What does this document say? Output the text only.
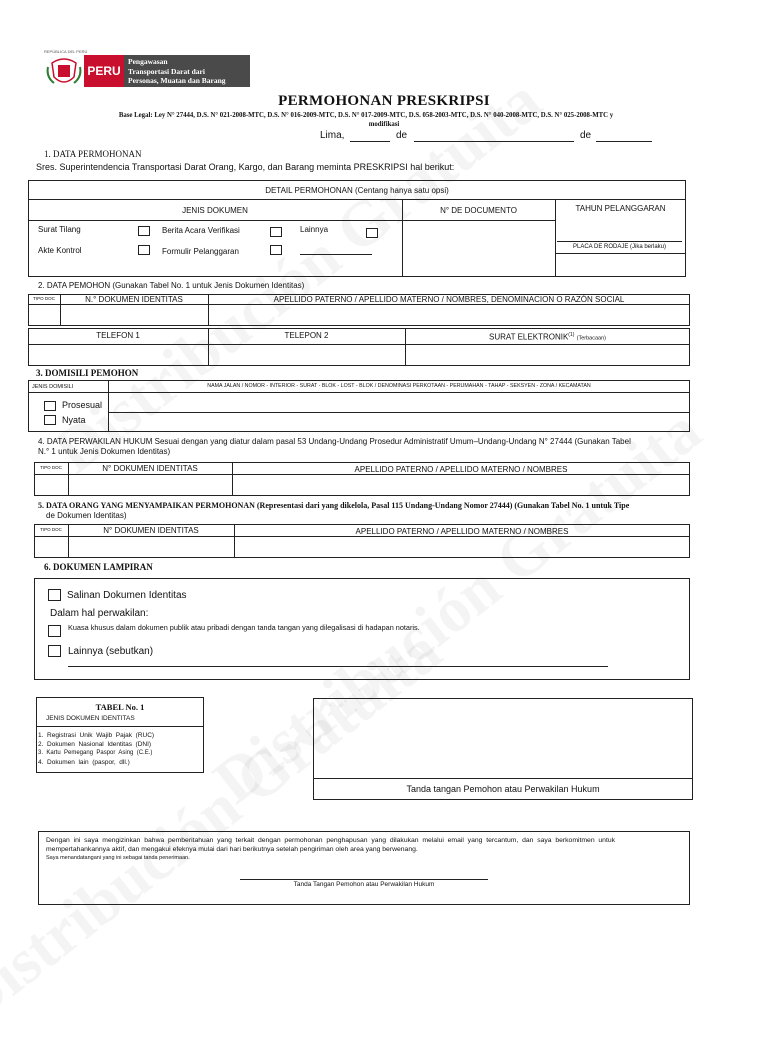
REPÚBLICA DEL PERÚ
PERU
Pengawasan
Transportasi Darat dari
Personas, Muatan dan Barang
PERMOHONAN PRESKRIPSI
Base Legal: Ley N° 27444, D.S. N° 021-2008-MTC, D.S. N° 016-2009-MTC, D.S. N° 017-2009-MTC, D.S. 058-2003-MTC, D.S. N° 040-2008-MTC, D.S. N° 025-2008-MTC y
modifikasi
Lima,	de	de
1. DATA PERMOHONAN
Sres. Superintendencia Transportasi Darat Orang, Kargo, dan Barang meminta PRESKRIPSI hal berikut:
DETAIL PERMOHONAN (Centang hanya satu opsi)
JENIS DOKUMEN	N° DE DOCUMENTO	TAHUN PELANGGARAN
PLACA DE RODAJE (Jika berlaku)
Surat Tilang
Akte Kontrol
Berita Acara Verifikasi
Formulir Pelanggaran
Lainnya
2. DATA PEMOHON (Gunakan Tabel No. 1 untuk Jenis Dokumen Identitas)
TIPO DOC	N.° DOKUMEN IDENTITAS	APELLIDO PATERNO / APELLIDO MATERNO / NOMBRES, DENOMINACION O RAZÓN SOCIAL
TELEFON 1	TELEPON 2	SURAT ELEKTRONIK$^{(1)}$ (Terbacaan)
3. DOMISILI PEMOHON
JENIS DOMISILI	NAMA JALAN / NOMOR - INTERIOR - SURAT - BLOK - LOST - BLOK / DENOMINASI PERKOTAAN - PERUMAHAN - TAHAP - SEKSYEN - ZONA / KECAMATAN
Prosesual
Nyata
4. DATA PERWAKILAN HUKUM Sesuai dengan yang diatur dalam pasal 53 Undang-Undang Prosedur Administratif Umum–Undang-Undang N° 27444 (Gunakan Tabel
N.° 1 untuk Jenis Dokumen Identitas)
TIPO DOC	N° DOKUMEN IDENTITAS	APELLIDO PATERNO / APELLIDO MATERNO / NOMBRES
5. DATA ORANG YANG MENYAMPAIKAN PERMOHONAN (Representasi dari yang dikelola, Pasal 115 Undang-Undang Nomor 27444) (Gunakan Tabel No. 1 untuk Tipe
de Dokumen Identitas)
TIPO DOC	N° DOKUMEN IDENTITAS	APELLIDO PATERNO / APELLIDO MATERNO / NOMBRES
6. DOKUMEN LAMPIRAN
Salinan Dokumen Identitas
Dalam hal perwakilan:
Kuasa khusus dalam dokumen publik atau pribadi dengan tanda tangan yang dilegalisasi di hadapan notaris.
Lainnya (sebutkan)
TABEL No. 1
JENIS DOKUMEN IDENTITAS
1.  Registrasi  Unik  Wajib  Pajak  (RUC)
2.  Dokumen  Nasional  Identitas  (DNI)
3.  Kartu  Pemegang  Paspor  Asing  (C.E.)
4.  Dokumen  lain  (paspor,  dll.)
Tanda tangan Pemohon atau Perwakilan Hukum
Dengan  ini  saya  mengizinkan  bahwa  pemberitahuan  yang  terkait  dengan  permohonan  penghapusan  yang  dilakukan  melalui  email  yang  tercantum,  dan  saya  berkomitmen  untuk
mempertahankannya aktif, dan mengakui efeknya mulai dari hari berikutnya setelah pengiriman oleh area yang berwenang.
Saya menandatangani yang ini sebagai tanda penerimaan.
Tanda Tangan Pemohon atau Perwakilan Hukum
